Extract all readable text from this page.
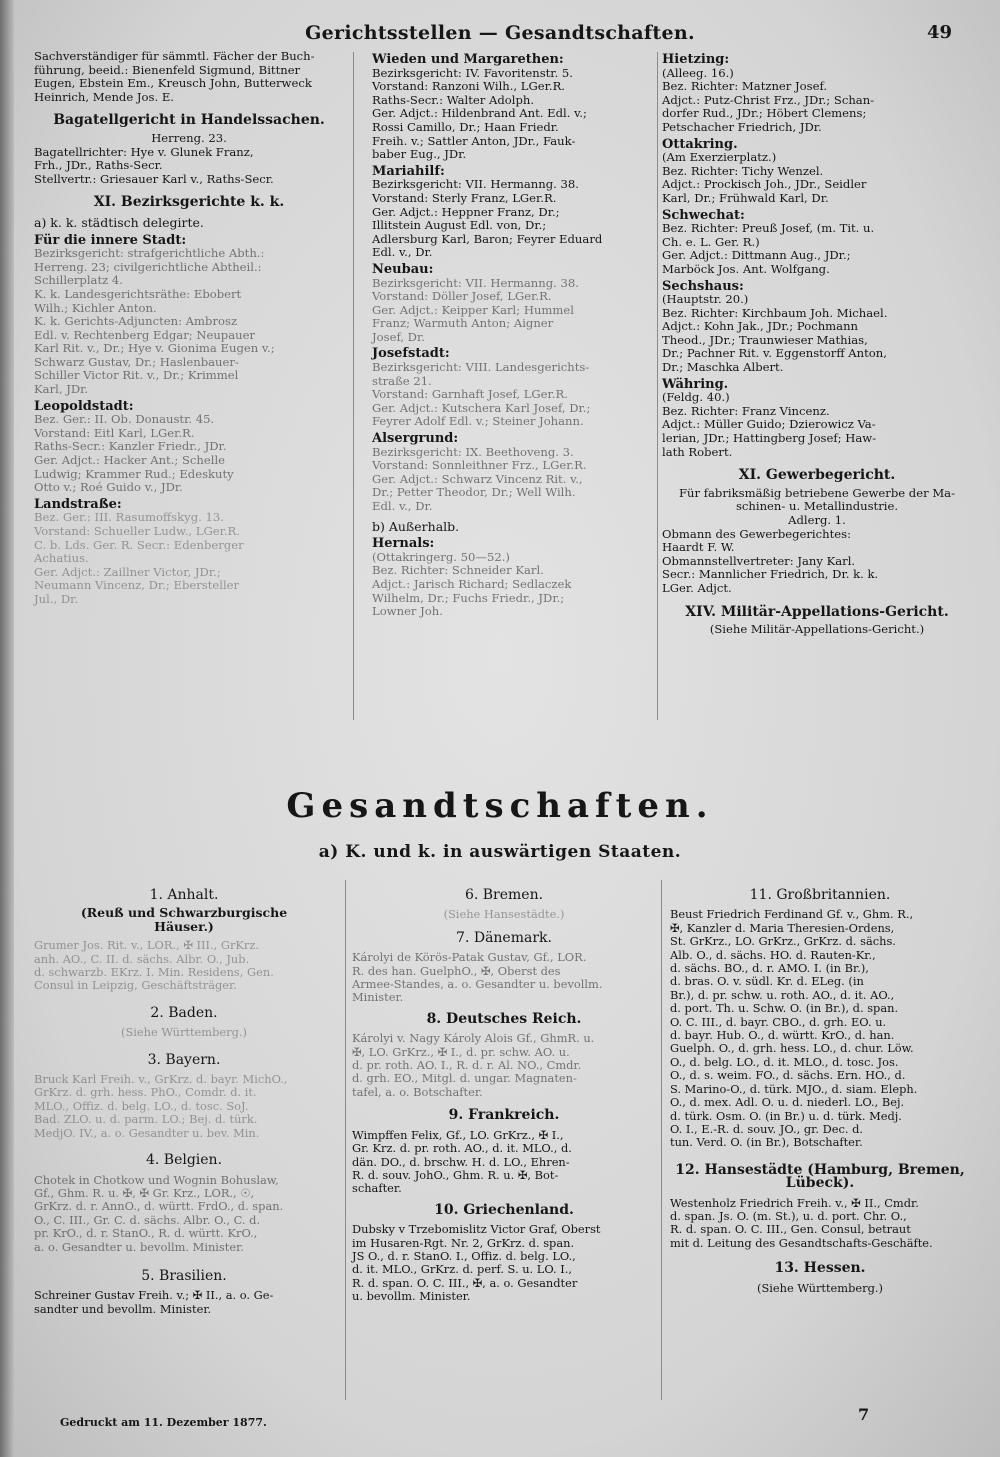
Gerichtsstellen — Gesandtschaften.	49
Sachverständiger für sämmtl. Fächer der Buch-
führung, beeid.: Bienenfeld Sigmund, Bittner
Eugen, Ebstein Em., Kreusch John, Butterweck
Heinrich, Mende Jos. E.
Bagatellgericht in Handelssachen.
Herreng. 23.
Bagatellrichter: Hye v. Glunek Franz,
Frh., JDr., Raths-Secr.
Stellvertr.: Griesauer Karl v., Raths-Secr.
XI. Bezirksgerichte k. k.
a) k. k. städtisch delegirte.
Für die innere Stadt:
Bezirksgericht: strafgerichtliche Abth.:
Herreng. 23; civilgerichtliche Abtheil.:
Schillerplatz 4.
K. k. Landesgerichtsräthe: Ebobert
Wilh.; Kichler Anton.
K. k. Gerichts-Adjuncten: Ambrosz
Edl. v. Rechtenberg Edgar; Neupauer
Karl Rit. v., Dr.; Hye v. Gionima Eugen v.;
Schwarz Gustav, Dr.; Haslenbauer-
Schiller Victor Rit. v., Dr.; Krimmel
Karl, JDr.
Leopoldstadt:
Bez. Ger.: II. Ob. Donaustr. 45.
Vorstand: Eitl Karl, LGer.R.
Raths-Secr.: Kanzler Friedr., JDr.
Ger. Adjct.: Hacker Ant.; Schelle
Ludwig; Krammer Rud.; Edeskuty
Otto v.; Roé Guido v., JDr.
Landstraße:
Bez. Ger.: III. Rasumoffskyg. 13.
Vorstand: Schueller Ludw., LGer.R.
C. b. Lds. Ger. R. Secr.: Edenberger
Achatius.
Ger. Adjct.: Zaillner Victor, JDr.;
Neumann Vincenz, Dr.; Ebersteller
Jul., Dr.
Wieden und Margarethen:
Bezirksgericht: IV. Favoritenstr. 5.
Vorstand: Ranzoni Wilh., LGer.R.
Raths-Secr.: Walter Adolph.
Ger. Adjct.: Hildenbrand Ant. Edl. v.;
Rossi Camillo, Dr.; Haan Friedr.
Freih. v.; Sattler Anton, JDr., Fauk-
baber Eug., JDr.
Mariahilf:
Bezirksgericht: VII. Hermanng. 38.
Vorstand: Sterly Franz, LGer.R.
Ger. Adjct.: Heppner Franz, Dr.;
Illitstein August Edl. von, Dr.;
Adlersburg Karl, Baron; Feyrer Eduard
Edl. v., Dr.
Neubau:
Bezirksgericht: VII. Hermanng. 38.
Vorstand: Döller Josef, LGer.R.
Ger. Adjct.: Keipper Karl; Hummel
Franz; Warmuth Anton; Aigner
Josef, Dr.
Josefstadt:
Bezirksgericht: VIII. Landesgerichts-
straße 21.
Vorstand: Garnhaft Josef, LGer.R.
Ger. Adjct.: Kutschera Karl Josef, Dr.;
Feyrer Adolf Edl. v.; Steiner Johann.
Alsergrund:
Bezirksgericht: IX. Beethoveng. 3.
Vorstand: Sonnleithner Frz., LGer.R.
Ger. Adjct.: Schwarz Vincenz Rit. v.,
Dr.; Petter Theodor, Dr.; Well Wilh.
Edl. v., Dr.
b) Außerhalb.
Hernals:
(Ottakringerg. 50—52.)
Bez. Richter: Schneider Karl.
Adjct.: Jarisch Richard; Sedlaczek
Wilhelm, Dr.; Fuchs Friedr., JDr.;
Lowner Joh.
Hietzing:
(Alleeg. 16.)
Bez. Richter: Matzner Josef.
Adjct.: Putz-Christ Frz., JDr.; Schan-
dorfer Rud., JDr.; Höbert Clemens;
Petschacher Friedrich, JDr.
Ottakring.
(Am Exerzierplatz.)
Bez. Richter: Tichy Wenzel.
Adjct.: Prockisch Joh., JDr., Seidler
Karl, Dr.; Frühwald Karl, Dr.
Schwechat:
Bez. Richter: Preuß Josef, (m. Tit. u.
Ch. e. L. Ger. R.)
Ger. Adjct.: Dittmann Aug., JDr.;
Marböck Jos. Ant. Wolfgang.
Sechshaus:
(Hauptstr. 20.)
Bez. Richter: Kirchbaum Joh. Michael.
Adjct.: Kohn Jak., JDr.; Pochmann
Theod., JDr.; Traunwieser Mathias,
Dr.; Pachner Rit. v. Eggenstorff Anton,
Dr.; Maschka Albert.
Währing.
(Feldg. 40.)
Bez. Richter: Franz Vincenz.
Adjct.: Müller Guido; Dzierowicz Va-
lerian, JDr.; Hattingberg Josef; Haw-
lath Robert.
XI. Gewerbegericht.
Für fabriksmäßig betriebene Gewerbe der Ma-
schinen- u. Metallindustrie.
Adlerg. 1.
Obmann des Gewerbegerichtes:
Haardt F. W.
Obmannstellvertreter: Jany Karl.
Secr.: Mannlicher Friedrich, Dr. k. k.
LGer. Adjct.
XIV. Militär-Appellations-Gericht.
(Siehe Militär-Appellations-Gericht.)
Gesandtschaften.
a) K. und k. in auswärtigen Staaten.
1. Anhalt.
(Reuß und Schwarzburgische
Häuser.)
Grumer Jos. Rit. v., LOR., ✠ III., GrKrz.
anh. AO., C. II. d. sächs. Albr. O., Jub.
d. schwarzb. EKrz. I. Min. Residens, Gen.
Consul in Leipzig, Geschäftsträger.
2. Baden.
(Siehe Württemberg.)
3. Bayern.
Bruck Karl Freih. v., GrKrz. d. bayr. MichO.,
GrKrz. d. grh. hess. PhO., Comdr. d. it.
MLO., Offiz. d. belg. LO., d. tosc. SoJ.
Bad. ZLO. u. d. parm. LO.; Bej. d. türk.
MedjO. IV., a. o. Gesandter u. bev. Min.
4. Belgien.
Chotek in Chotkow und Wognin Bohuslaw,
Gf., Ghm. R. u. ✠, ✠ Gr. Krz., LOR., ☉,
GrKrz. d. r. AnnO., d. württ. FrdO., d. span.
O., C. III., Gr. C. d. sächs. Albr. O., C. d.
pr. KrO., d. r. StanO., R. d. württ. KrO.,
a. o. Gesandter u. bevollm. Minister.
5. Brasilien.
Schreiner Gustav Freih. v.; ✠ II., a. o. Ge-
sandter und bevollm. Minister.
6. Bremen.
(Siehe Hansestädte.)
7. Dänemark.
Károlyi de Körös-Patak Gustav, Gf., LOR.
R. des han. GuelphO., ✠, Oberst des
Armee-Standes, a. o. Gesandter u. bevollm.
Minister.
8. Deutsches Reich.
Károlyi v. Nagy Károly Alois Gf., GhmR. u.
✠, LO. GrKrz., ✠ I., d. pr. schw. AO. u.
d. pr. roth. AO. I., R. d. r. Al. NO., Cmdr.
d. grh. EO., Mitgl. d. ungar. Magnaten-
tafel, a. o. Botschafter.
9. Frankreich.
Wimpffen Felix, Gf., LO. GrKrz., ✠ I.,
Gr. Krz. d. pr. roth. AO., d. it. MLO., d.
dän. DO., d. brschw. H. d. LO., Ehren-
R. d. souv. JohO., Ghm. R. u. ✠, Bot-
schafter.
10. Griechenland.
Dubsky v Trzebomislitz Victor Graf, Oberst
im Husaren-Rgt. Nr. 2, GrKrz. d. span.
JS O., d. r. StanO. I., Offiz. d. belg. LO.,
d. it. MLO., GrKrz. d. perf. S. u. LO. I.,
R. d. span. O. C. III., ✠, a. o. Gesandter
u. bevollm. Minister.
11. Großbritannien.
Beust Friedrich Ferdinand Gf. v., Ghm. R.,
✠, Kanzler d. Maria Theresien-Ordens,
St. GrKrz., LO. GrKrz., GrKrz. d. sächs.
Alb. O., d. sächs. HO. d. Rauten-Kr.,
d. sächs. BO., d. r. AMO. I. (in Br.),
d. bras. O. v. südl. Kr. d. ELeg. (in
Br.), d. pr. schw. u. roth. AO., d. it. AO.,
d. port. Th. u. Schw. O. (in Br.), d. span.
O. C. III., d. bayr. CBO., d. grh. EO. u.
d. bayr. Hub. O., d. württ. KrO., d. han.
Guelph. O., d. grh. hess. LO., d. chur. Löw.
O., d. belg. LO., d. it. MLO., d. tosc. Jos.
O., d. s. weim. FO., d. sächs. Ern. HO., d.
S. Marino-O., d. türk. MJO., d. siam. Eleph.
O., d. mex. Adl. O. u. d. niederl. LO., Bej.
d. türk. Osm. O. (in Br.) u. d. türk. Medj.
O. I., E.-R. d. souv. JO., gr. Dec. d.
tun. Verd. O. (in Br.), Botschafter.
12. Hansestädte (Hamburg, Bremen, Lübeck).
Westenholz Friedrich Freih. v., ✠ II., Cmdr.
d. span. Js. O. (m. St.), u. d. port. Chr. O.,
R. d. span. O. C. III., Gen. Consul, betraut
mit d. Leitung des Gesandtschafts-Geschäfte.
13. Hessen.
(Siehe Württemberg.)
Gedruckt am 11. Dezember 1877.	7
